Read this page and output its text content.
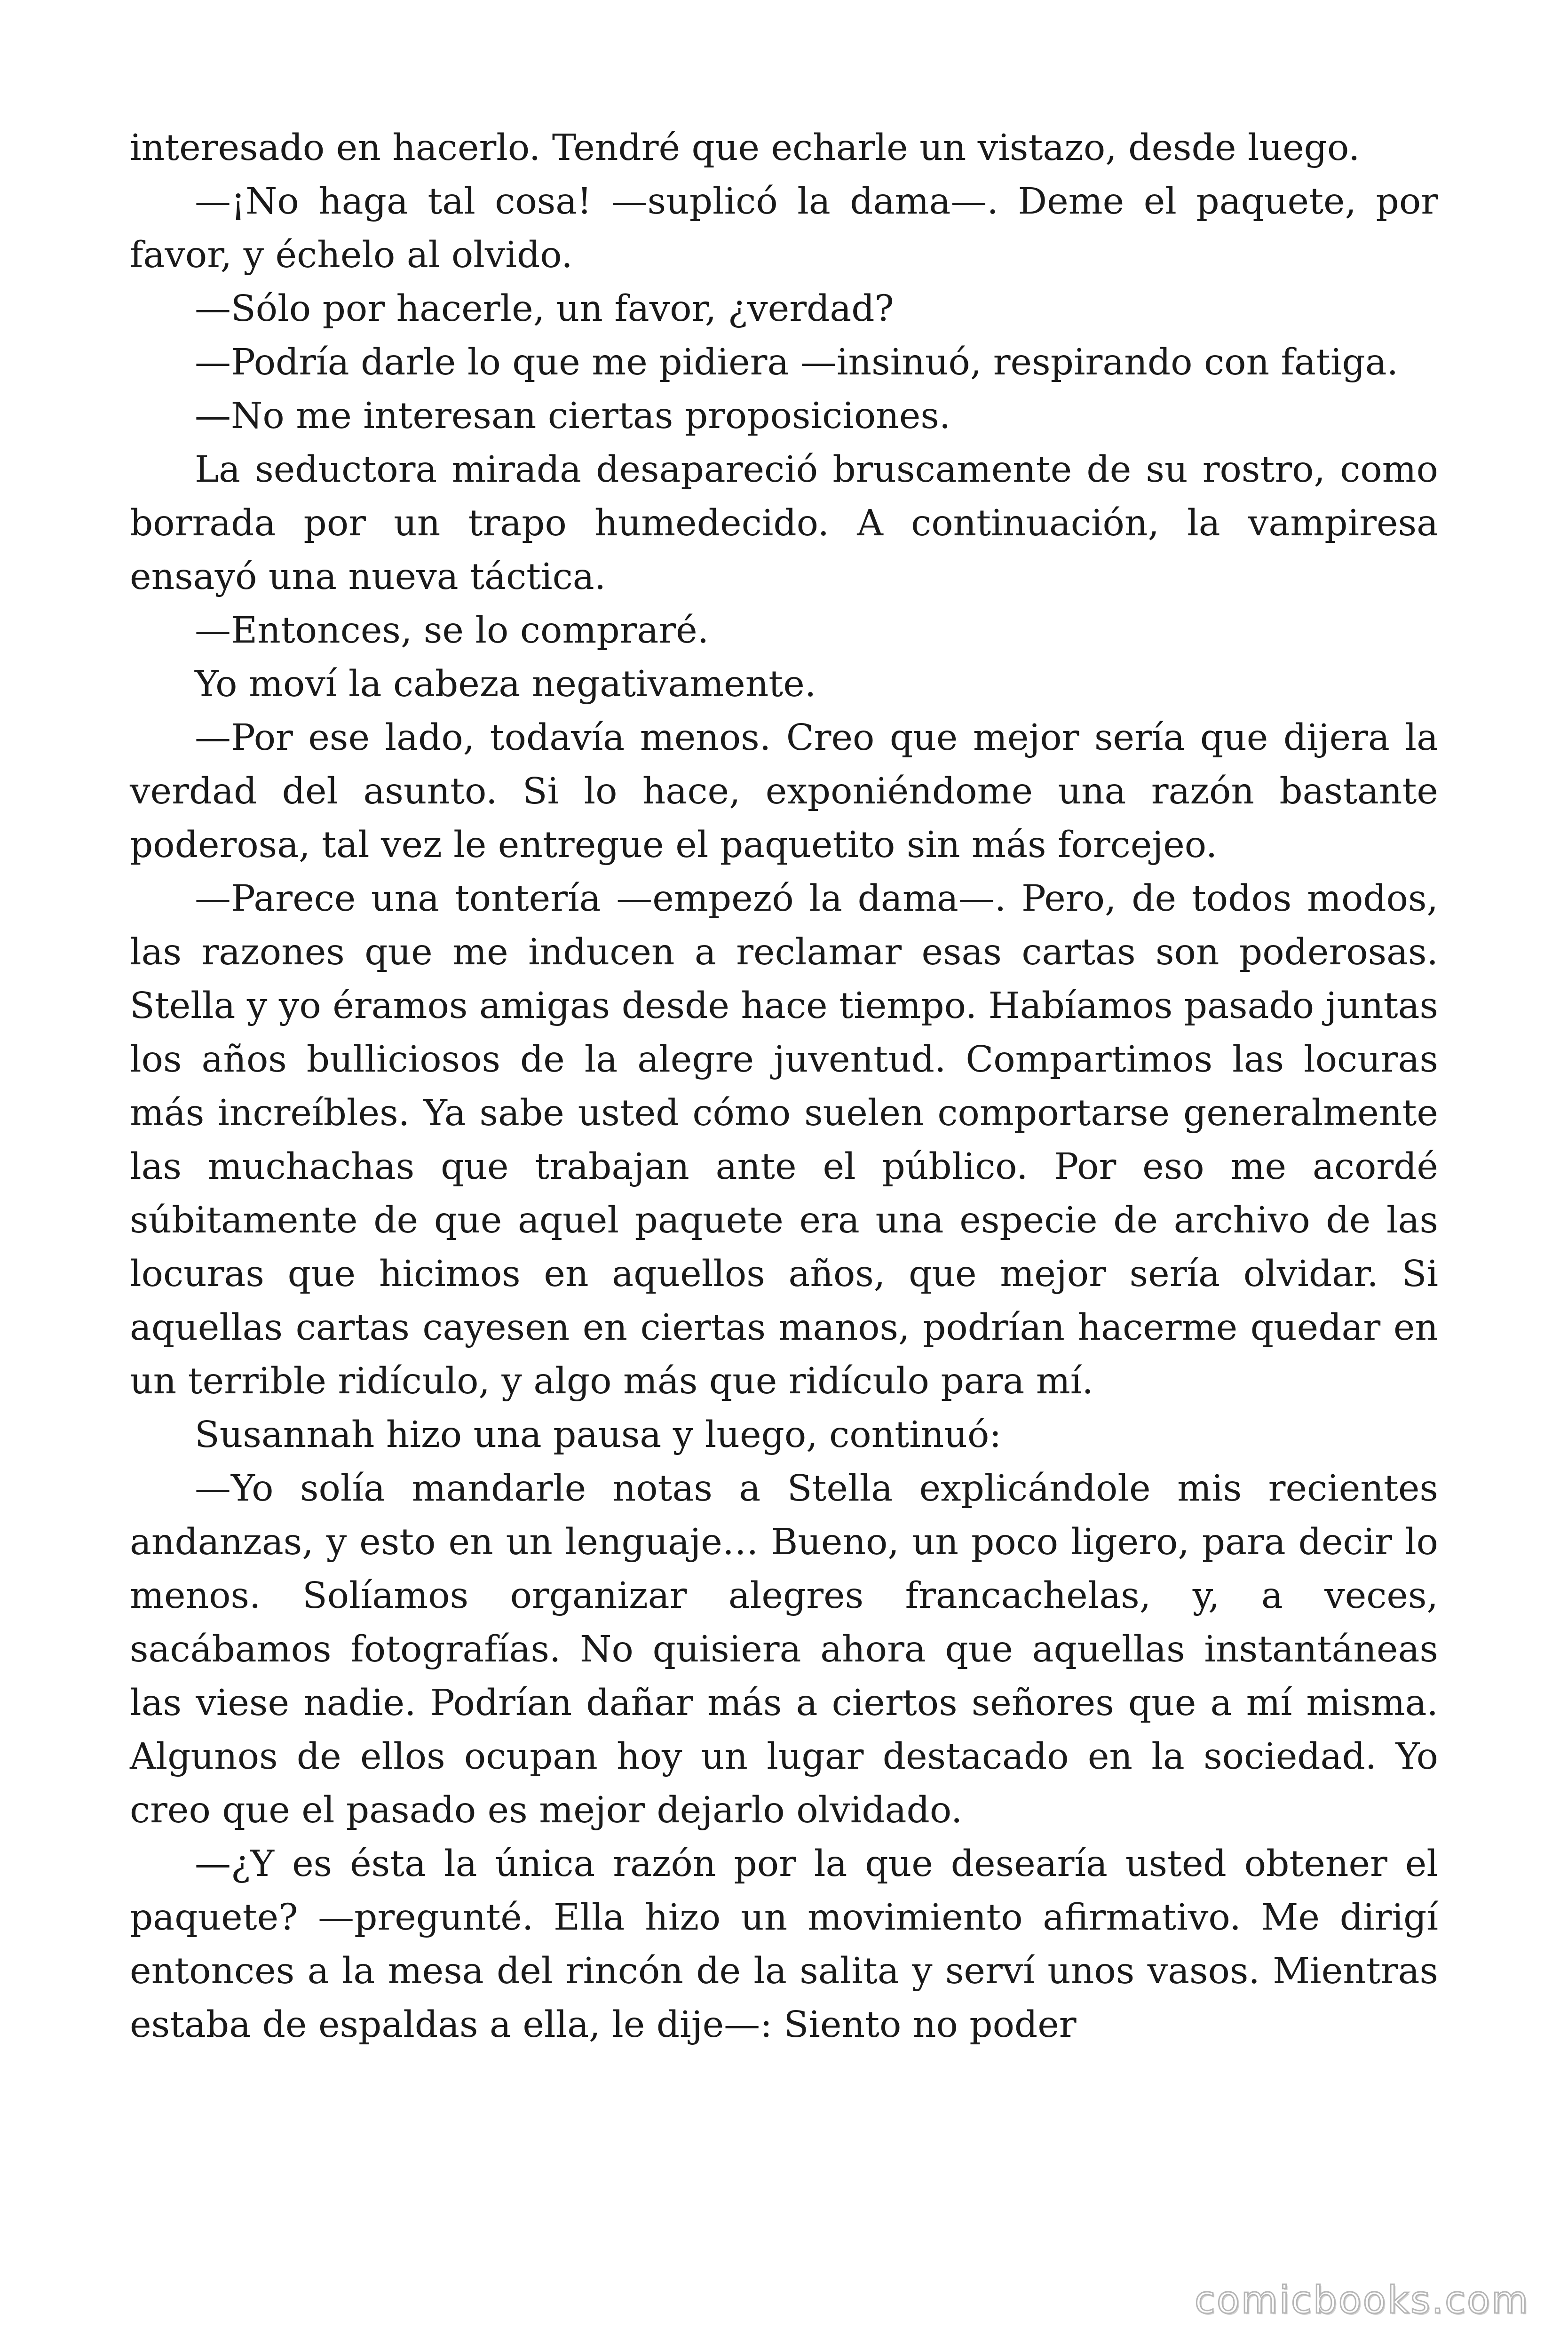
interesado en hacerlo. Tendré que echarle un vistazo, desde luego.

—¡No haga tal cosa! —suplicó la dama—. Deme el paquete, por favor, y échelo al olvido.

—Sólo por hacerle, un favor, ¿verdad?

—Podría darle lo que me pidiera —insinuó, respirando con fatiga.

—No me interesan ciertas proposiciones.

La seductora mirada desapareció bruscamente de su rostro, como borrada por un trapo humedecido. A continuación, la vampiresa ensayó una nueva táctica.

—Entonces, se lo compraré.

Yo moví la cabeza negativamente.

—Por ese lado, todavía menos. Creo que mejor sería que dijera la verdad del asunto. Si lo hace, exponiéndome una razón bastante poderosa, tal vez le entregue el paquetito sin más forcejeo.

—Parece una tontería —empezó la dama—. Pero, de todos modos, las razones que me inducen a reclamar esas cartas son poderosas. Stella y yo éramos amigas desde hace tiempo. Habíamos pasado juntas los años bulliciosos de la alegre juventud. Compartimos las locuras más increíbles. Ya sabe usted cómo suelen comportarse generalmente las muchachas que trabajan ante el público. Por eso me acordé súbitamente de que aquel paquete era una especie de archivo de las locuras que hicimos en aquellos años, que mejor sería olvidar. Si aquellas cartas cayesen en ciertas manos, podrían hacerme quedar en un terrible ridículo, y algo más que ridículo para mí.

Susannah hizo una pausa y luego, continuó:

—Yo solía mandarle notas a Stella explicándole mis recientes andanzas, y esto en un lenguaje… Bueno, un poco ligero, para decir lo menos. Solíamos organizar alegres francachelas, y, a veces, sacábamos fotografías. No quisiera ahora que aquellas instantáneas las viese nadie. Podrían dañar más a ciertos señores que a mí misma. Algunos de ellos ocupan hoy un lugar destacado en la sociedad. Yo creo que el pasado es mejor dejarlo olvidado.

—¿Y es ésta la única razón por la que desearía usted obtener el paquete? —pregunté. Ella hizo un movimiento afirmativo. Me dirigí entonces a la mesa del rincón de la salita y serví unos vasos. Mientras estaba de espaldas a ella, le dije—: Siento no poder

comicbooks.com
